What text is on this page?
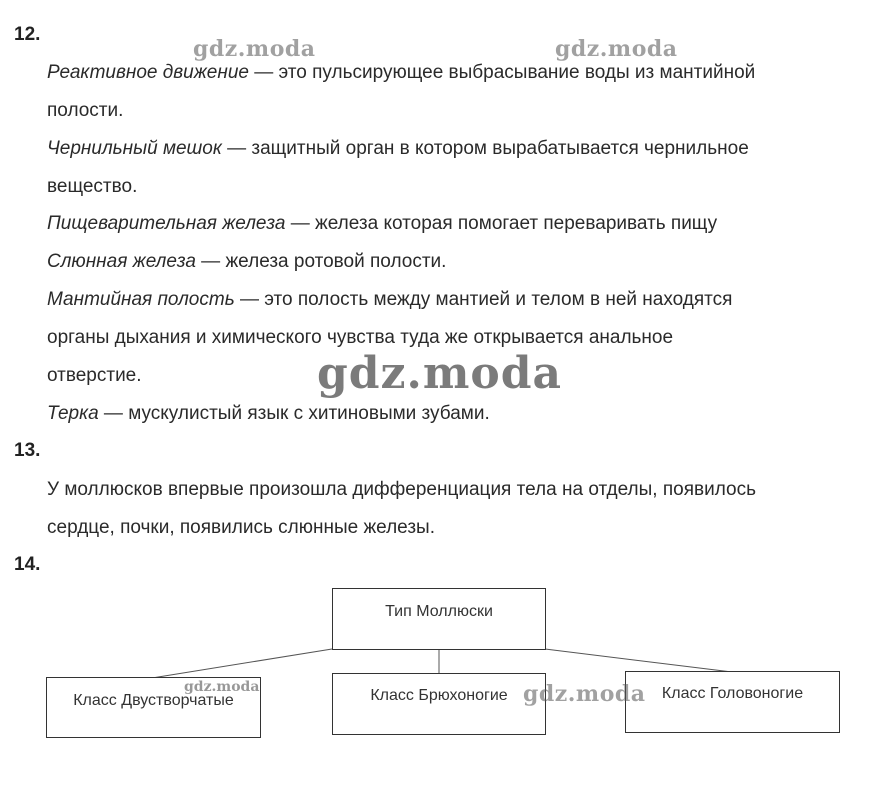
12.
Реактивное движение — это пульсирующее выбрасывание воды из мантийной
полости.
Чернильный мешок — защитный орган в котором вырабатывается чернильное
вещество.
Пищеварительная железа — железа которая помогает переваривать пищу
Слюнная железа — железа ротовой полости.
Мантийная полость — это полость между мантией и телом в ней находятся
органы дыхания и химического чувства туда же открывается анальное
отверстие.
Терка — мускулистый язык с хитиновыми зубами.
13.
У моллюсков впервые произошла дифференциация тела на отделы, появилось
сердце, почки, появились слюнные железы.
14.
Тип Моллюски
Класс Двустворчатые	Класс Брюхоногие	Класс Головоногие
gdz.moda	gdz.moda
gdz.moda
gdz.moda	gdz.moda
